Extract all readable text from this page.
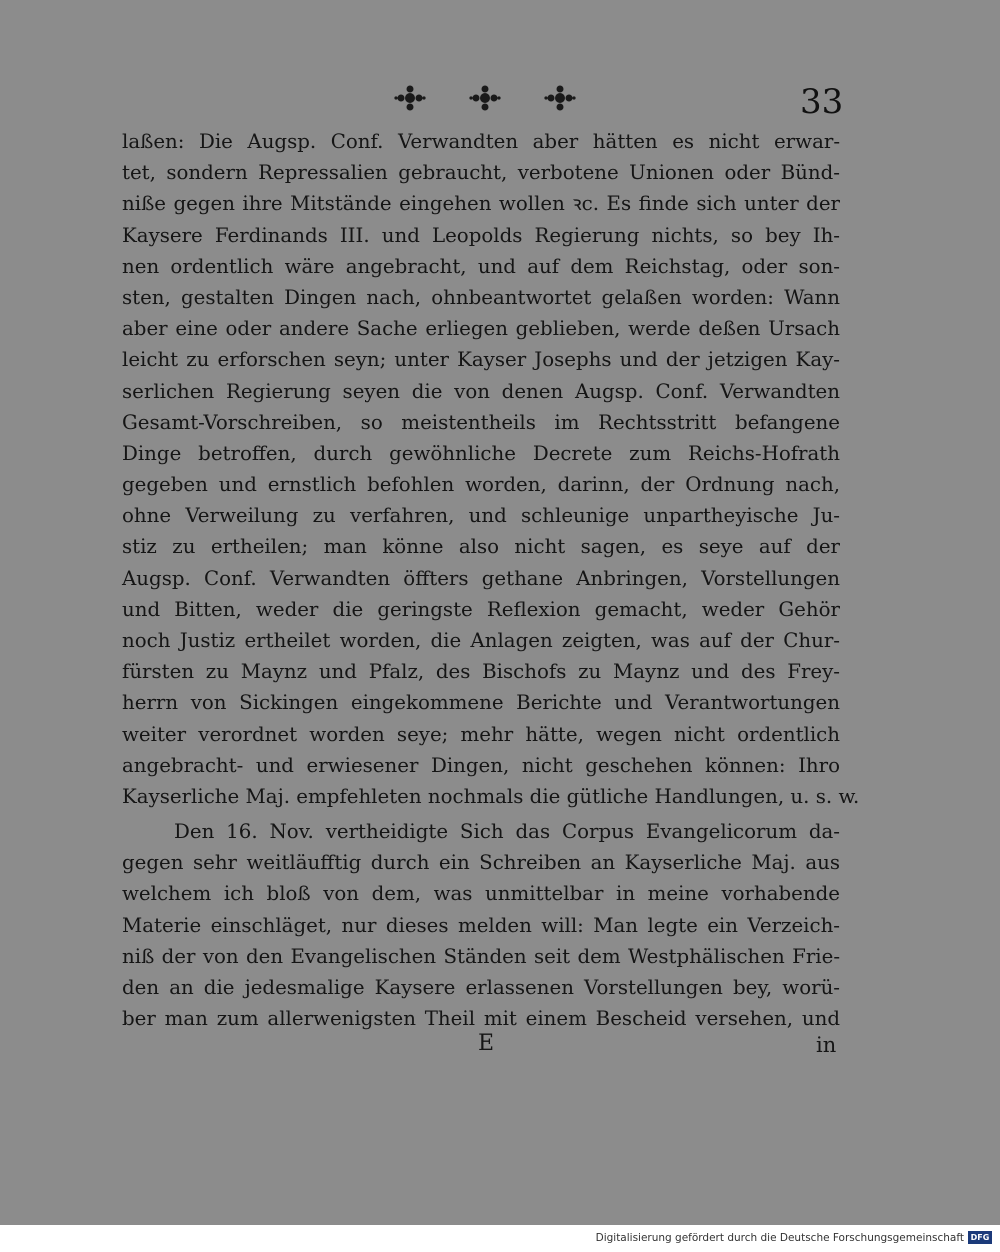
33
laßen: Die Augsp. Conf. Verwandten aber hätten es nicht erwar-
tet, sondern Repressalien gebraucht, verbotene Unionen oder Bünd-
niße gegen ihre Mitstände eingehen wollen ꝛc. Es finde sich unter der
Kaysere Ferdinands III. und Leopolds Regierung nichts, so bey Ih-
nen ordentlich wäre angebracht, und auf dem Reichstag, oder son-
sten, gestalten Dingen nach, ohnbeantwortet gelaßen worden: Wann
aber eine oder andere Sache erliegen geblieben, werde deßen Ursach
leicht zu erforschen seyn; unter Kayser Josephs und der jetzigen Kay-
serlichen Regierung seyen die von denen Augsp. Conf. Verwandten
Gesamt-Vorschreiben, so meistentheils im Rechtsstritt befangene
Dinge betroffen, durch gewöhnliche Decrete zum Reichs-Hofrath
gegeben und ernstlich befohlen worden, darinn, der Ordnung nach,
ohne Verweilung zu verfahren, und schleunige unpartheyische Ju-
stiz zu ertheilen; man könne also nicht sagen, es seye auf der
Augsp. Conf. Verwandten öffters gethane Anbringen, Vorstellungen
und Bitten, weder die geringste Reflexion gemacht, weder Gehör
noch Justiz ertheilet worden, die Anlagen zeigten, was auf der Chur-
fürsten zu Maynz und Pfalz, des Bischofs zu Maynz und des Frey-
herrn von Sickingen eingekommene Berichte und Verantwortungen
weiter verordnet worden seye; mehr hätte, wegen nicht ordentlich
angebracht- und erwiesener Dingen, nicht geschehen können: Ihro
Kayserliche Maj. empfehleten nochmals die gütliche Handlungen, u. s. w.
Den 16. Nov. vertheidigte Sich das Corpus Evangelicorum da-
gegen sehr weitläufftig durch ein Schreiben an Kayserliche Maj. aus
welchem ich bloß von dem, was unmittelbar in meine vorhabende
Materie einschläget, nur dieses melden will: Man legte ein Verzeich-
niß der von den Evangelischen Ständen seit dem Westphälischen Frie-
den an die jedesmalige Kaysere erlassenen Vorstellungen bey, worü-
ber man zum allerwenigsten Theil mit einem Bescheid versehen, und
E	in
Digitalisierung gefördert durch die Deutsche Forschungsgemeinschaft DFG
